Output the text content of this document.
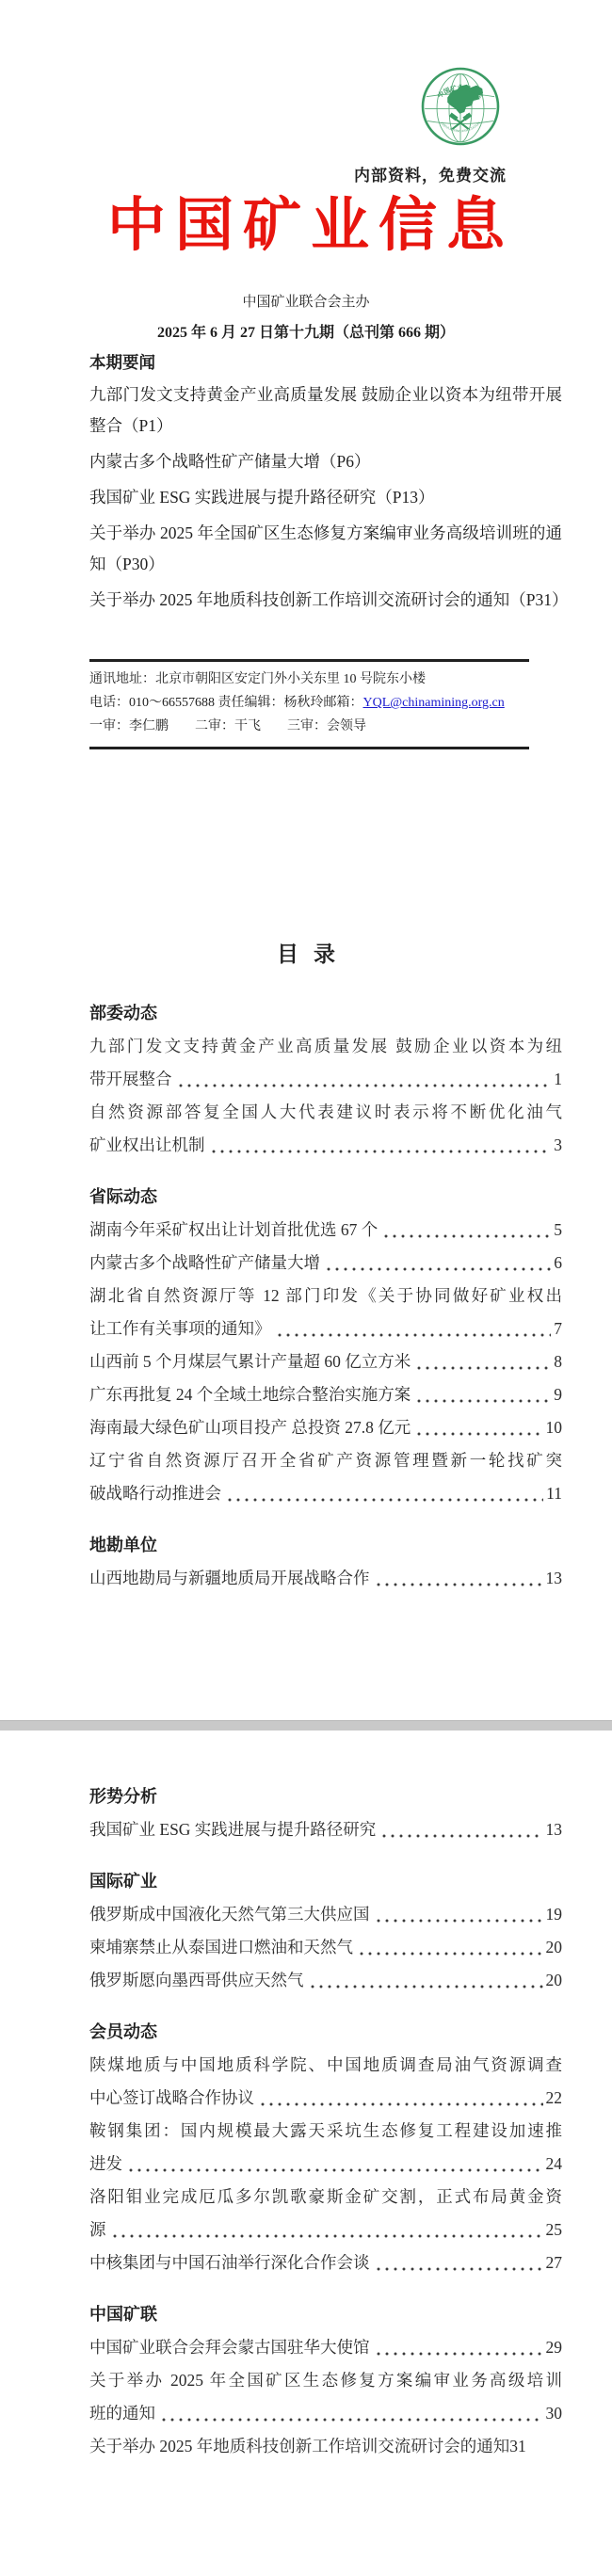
中国矿业联合会
CHINA MINING ASSOCIATION
内部资料，免费交流
中国矿业信息
中国矿业联合会主办
2025 年 6 月 27 日第十九期（总刊第 666 期）
本期要闻

九部门发文支持黄金产业高质量发展 鼓励企业以资本为纽带开展整合（P1）

内蒙古多个战略性矿产储量大增（P6）

我国矿业 ESG 实践进展与提升路径研究（P13）

关于举办 2025 年全国矿区生态修复方案编审业务高级培训班的通知（P30）

关于举办 2025 年地质科技创新工作培训交流研讨会的通知（P31）

通讯地址：北京市朝阳区安定门外小关东里 10 号院东小楼
电话：010～66557688 责任编辑：杨秋玲邮箱：YQL@chinamining.org.cn
一审：李仁鹏　　二审：干飞　　三审：会领导
目录
部委动态
九部门发文支持黄金产业高质量发展 鼓励企业以资本为纽
带开展整合	1
自然资源部答复全国人大代表建议时表示将不断优化油气
矿业权出让机制	3
省际动态
湖南今年采矿权出让计划首批优选 67 个	5
内蒙古多个战略性矿产储量大增	6
湖北省自然资源厅等 12 部门印发《关于协同做好矿业权出
让工作有关事项的通知》	7
山西前 5 个月煤层气累计产量超 60 亿立方米	8
广东再批复 24 个全域土地综合整治实施方案	9
海南最大绿色矿山项目投产 总投资 27.8 亿元	10
辽宁省自然资源厅召开全省矿产资源管理暨新一轮找矿突
破战略行动推进会	11
地勘单位
山西地勘局与新疆地质局开展战略合作	13
形势分析
我国矿业 ESG 实践进展与提升路径研究	13
国际矿业
俄罗斯成中国液化天然气第三大供应国	19
柬埔寨禁止从泰国进口燃油和天然气	20
俄罗斯愿向墨西哥供应天然气	20
会员动态
陕煤地质与中国地质科学院、中国地质调查局油气资源调查
中心签订战略合作协议	22
鞍钢集团：国内规模最大露天采坑生态修复工程建设加速推
进发	24
洛阳钼业完成厄瓜多尔凯歌豪斯金矿交割，正式布局黄金资
源	25
中核集团与中国石油举行深化合作会谈	27
中国矿联
中国矿业联合会拜会蒙古国驻华大使馆	29
关于举办 2025 年全国矿区生态修复方案编审业务高级培训
班的通知	30
关于举办 2025 年地质科技创新工作培训交流研讨会的通知 31
